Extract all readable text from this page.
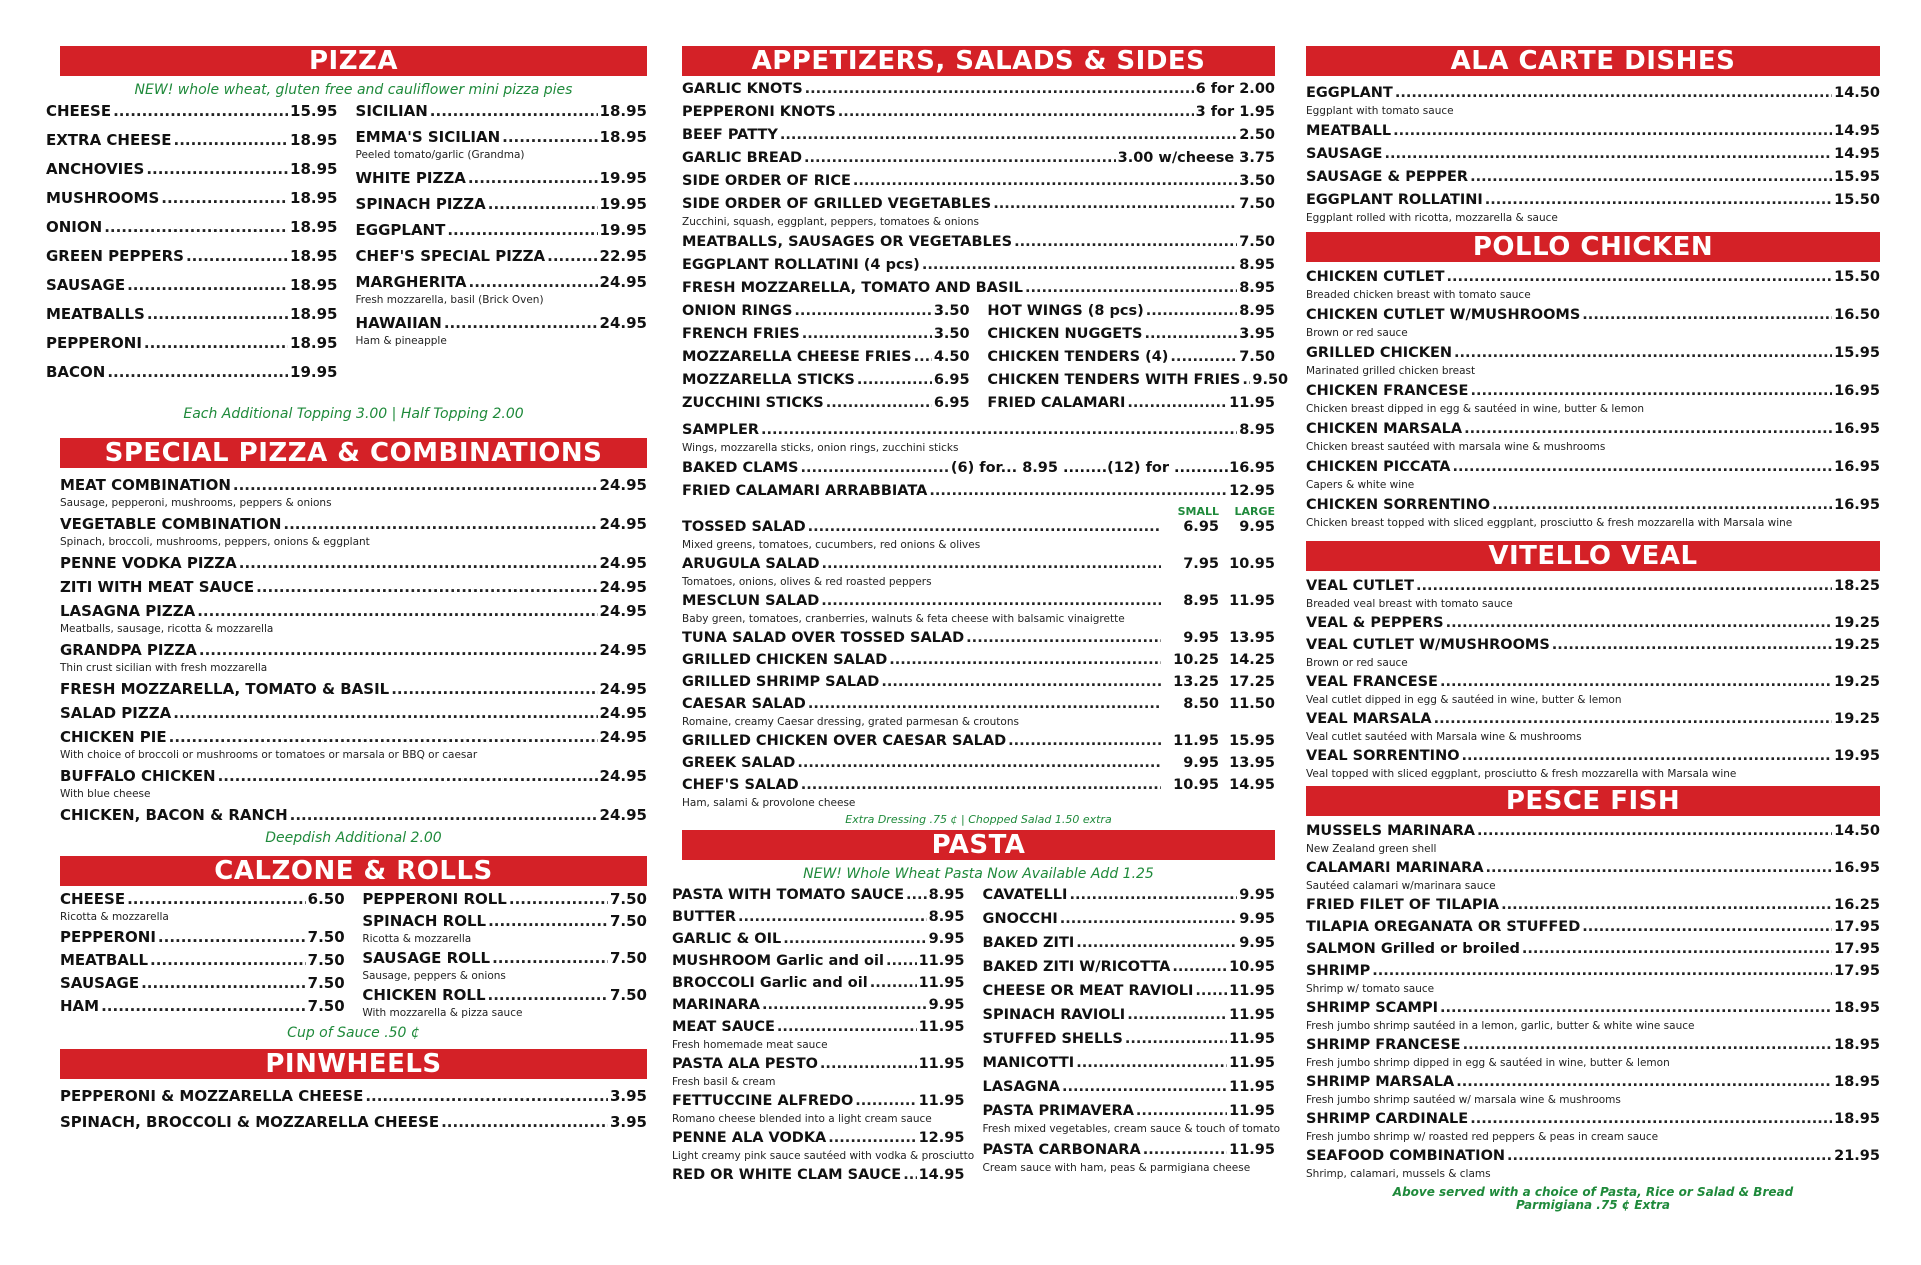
PIZZA
NEW! whole wheat, gluten free and cauliflower mini pizza pies
CHEESE .....	15.95
EXTRA CHEESE .....	18.95
ANCHOVIES .....	18.95
MUSHROOMS .....	18.95
ONION .....	18.95
GREEN PEPPERS .....	18.95
SAUSAGE .....	18.95
MEATBALLS .....	18.95
PEPPERONI .....	18.95
BACON .....	19.95
SICILIAN .....	18.95
EMMA'S SICILIAN .....	18.95
Peeled tomato/garlic (Grandma)
WHITE PIZZA .....	19.95
SPINACH PIZZA .....	19.95
EGGPLANT .....	19.95
CHEF'S SPECIAL PIZZA .....	22.95
MARGHERITA .....	24.95
Fresh mozzarella, basil (Brick Oven)
HAWAIIAN .....	24.95
Ham & pineapple
Each Additional Topping 3.00 | Half Topping 2.00
SPECIAL PIZZA & COMBINATIONS
MEAT COMBINATION .....	24.95
Sausage, pepperoni, mushrooms, peppers & onions
VEGETABLE COMBINATION .....	24.95
Spinach, broccoli, mushrooms, peppers, onions & eggplant
PENNE VODKA PIZZA .....	24.95
ZITI WITH MEAT SAUCE .....	24.95
LASAGNA PIZZA .....	24.95
Meatballs, sausage, ricotta & mozzarella
GRANDPA PIZZA .....	24.95
Thin crust sicilian with fresh mozzarella
FRESH MOZZARELLA, TOMATO & BASIL .....	24.95
SALAD PIZZA .....	24.95
CHICKEN PIE .....	24.95
With choice of broccoli or mushrooms or tomatoes or marsala or BBQ or caesar
BUFFALO CHICKEN .....	24.95
With blue cheese
CHICKEN, BACON & RANCH .....	24.95
Deepdish Additional 2.00
CALZONE & ROLLS
CHEESE .....	6.50
Ricotta & mozzarella
PEPPERONI .....	7.50
MEATBALL .....	7.50
SAUSAGE .....	7.50
HAM .....	7.50
PEPPERONI ROLL .....	7.50
SPINACH ROLL .....	7.50
Ricotta & mozzarella
SAUSAGE ROLL .....	7.50
Sausage, peppers & onions
CHICKEN ROLL .....	7.50
With mozzarella & pizza sauce
Cup of Sauce .50 ¢
PINWHEELS
PEPPERONI & MOZZARELLA CHEESE .....	3.95
SPINACH, BROCCOLI & MOZZARELLA CHEESE .....	3.95
APPETIZERS, SALADS & SIDES
GARLIC KNOTS .....	6 for 2.00
PEPPERONI KNOTS .....	3 for 1.95
BEEF PATTY .....	2.50
GARLIC BREAD .....	3.00 w/cheese 3.75
SIDE ORDER OF RICE .....	3.50
SIDE ORDER OF GRILLED VEGETABLES .....	7.50
Zucchini, squash, eggplant, peppers, tomatoes & onions
MEATBALLS, SAUSAGES OR VEGETABLES .....	7.50
EGGPLANT ROLLATINI (4 pcs) .....	8.95
FRESH MOZZARELLA, TOMATO AND BASIL .....	8.95
ONION RINGS .....	3.50
FRENCH FRIES .....	3.50
MOZZARELLA CHEESE FRIES ..... 4.50
MOZZARELLA STICKS .....	6.95
ZUCCHINI STICKS .....	6.95
HOT WINGS (8 pcs) .....	8.95
CHICKEN NUGGETS .....	3.95
CHICKEN TENDERS (4) .....	7.50
CHICKEN TENDERS WITH FRIES ..... 9.50
FRIED CALAMARI .....	11.95
SAMPLER .....	8.95
Wings, mozzarella sticks, onion rings, zucchini sticks
BAKED CLAMS .....	(6) for... 8.95 ........(12) for ..........16.95
FRIED CALAMARI ARRABBIATA .....	12.95
SMALL	LARGE
TOSSED SALAD .....	6.95	9.95
Mixed greens, tomatoes, cucumbers, red onions & olives
ARUGULA SALAD .....	7.95 10.95
Tomatoes, onions, olives & red roasted peppers
MESCLUN SALAD .....	8.95 11.95
Baby green, tomatoes, cranberries, walnuts & feta cheese with balsamic vinaigrette
TUNA SALAD OVER TOSSED SALAD .....	9.95 13.95
GRILLED CHICKEN SALAD .....	10.25 14.25
GRILLED SHRIMP SALAD .....	13.25 17.25
CAESAR SALAD .....	8.50 11.50
Romaine, creamy Caesar dressing, grated parmesan & croutons
GRILLED CHICKEN OVER CAESAR SALAD .....	11.95 15.95
GREEK SALAD .....	9.95 13.95
CHEF'S SALAD .....	10.95 14.95
Ham, salami & provolone cheese
Extra Dressing .75 ¢ | Chopped Salad 1.50 extra
PASTA
NEW! Whole Wheat Pasta Now Available Add 1.25
PASTA WITH TOMATO SAUCE ..... 8.95
BUTTER .....	8.95
GARLIC & OIL .....	9.95
MUSHROOM Garlic and oil ..... 11.95
BROCCOLI Garlic and oil .....	11.95
MARINARA .....	9.95
MEAT SAUCE .....	11.95
Fresh homemade meat sauce
PASTA ALA PESTO .....	11.95
Fresh basil & cream
FETTUCCINE ALFREDO .....	11.95
Romano cheese blended into a light cream sauce
PENNE ALA VODKA .....	12.95
Light creamy pink sauce sautéed with vodka & prosciutto
RED OR WHITE CLAM SAUCE ..... 14.95
CAVATELLI .....	9.95
GNOCCHI .....	9.95
BAKED ZITI .....	9.95
BAKED ZITI W/RICOTTA .....	10.95
CHEESE OR MEAT RAVIOLI ..... 11.95
SPINACH RAVIOLI .....	11.95
STUFFED SHELLS .....	11.95
MANICOTTI .....	11.95
LASAGNA .....	11.95
PASTA PRIMAVERA .....	11.95
Fresh mixed vegetables, cream sauce & touch of tomato
PASTA CARBONARA .....	11.95
Cream sauce with ham, peas & parmigiana cheese
ALA CARTE DISHES
EGGPLANT .....	14.50
Eggplant with tomato sauce
MEATBALL .....	14.95
SAUSAGE .....	14.95
SAUSAGE & PEPPER .....	15.95
EGGPLANT ROLLATINI .....	15.50
Eggplant rolled with ricotta, mozzarella & sauce
POLLO CHICKEN
CHICKEN CUTLET .....	15.50
Breaded chicken breast with tomato sauce
CHICKEN CUTLET W/MUSHROOMS .....	16.50
Brown or red sauce
GRILLED CHICKEN .....	15.95
Marinated grilled chicken breast
CHICKEN FRANCESE .....	16.95
Chicken breast dipped in egg & sautéed in wine, butter & lemon
CHICKEN MARSALA .....	16.95
Chicken breast sautéed with marsala wine & mushrooms
CHICKEN PICCATA .....	16.95
Capers & white wine
CHICKEN SORRENTINO .....	16.95
Chicken breast topped with sliced eggplant, prosciutto & fresh mozzarella with Marsala wine
VITELLO VEAL
VEAL CUTLET .....	18.25
Breaded veal breast with tomato sauce
VEAL & PEPPERS .....	19.25
VEAL CUTLET W/MUSHROOMS .....	19.25
Brown or red sauce
VEAL FRANCESE .....	19.25
Veal cutlet dipped in egg & sautéed in wine, butter & lemon
VEAL MARSALA .....	19.25
Veal cutlet sautéed with Marsala wine & mushrooms
VEAL SORRENTINO .....	19.95
Veal topped with sliced eggplant, prosciutto & fresh mozzarella with Marsala wine
PESCE FISH
MUSSELS MARINARA .....	14.50
New Zealand green shell
CALAMARI MARINARA .....	16.95
Sautéed calamari w/marinara sauce
FRIED FILET OF TILAPIA .....	16.25
TILAPIA OREGANATA OR STUFFED .....	17.95
SALMON Grilled or broiled .....	17.95
SHRIMP .....	17.95
Shrimp w/ tomato sauce
SHRIMP SCAMPI .....	18.95
Fresh jumbo shrimp sautéed in a lemon, garlic, butter & white wine sauce
SHRIMP FRANCESE .....	18.95
Fresh jumbo shrimp dipped in egg & sautéed in wine, butter & lemon
SHRIMP MARSALA .....	18.95
Fresh jumbo shrimp sautéed w/ marsala wine & mushrooms
SHRIMP CARDINALE .....	18.95
Fresh jumbo shrimp w/ roasted red peppers & peas in cream sauce
SEAFOOD COMBINATION .....	21.95
Shrimp, calamari, mussels & clams
Above served with a choice of Pasta, Rice or Salad & Bread
Parmigiana .75 ¢ Extra
